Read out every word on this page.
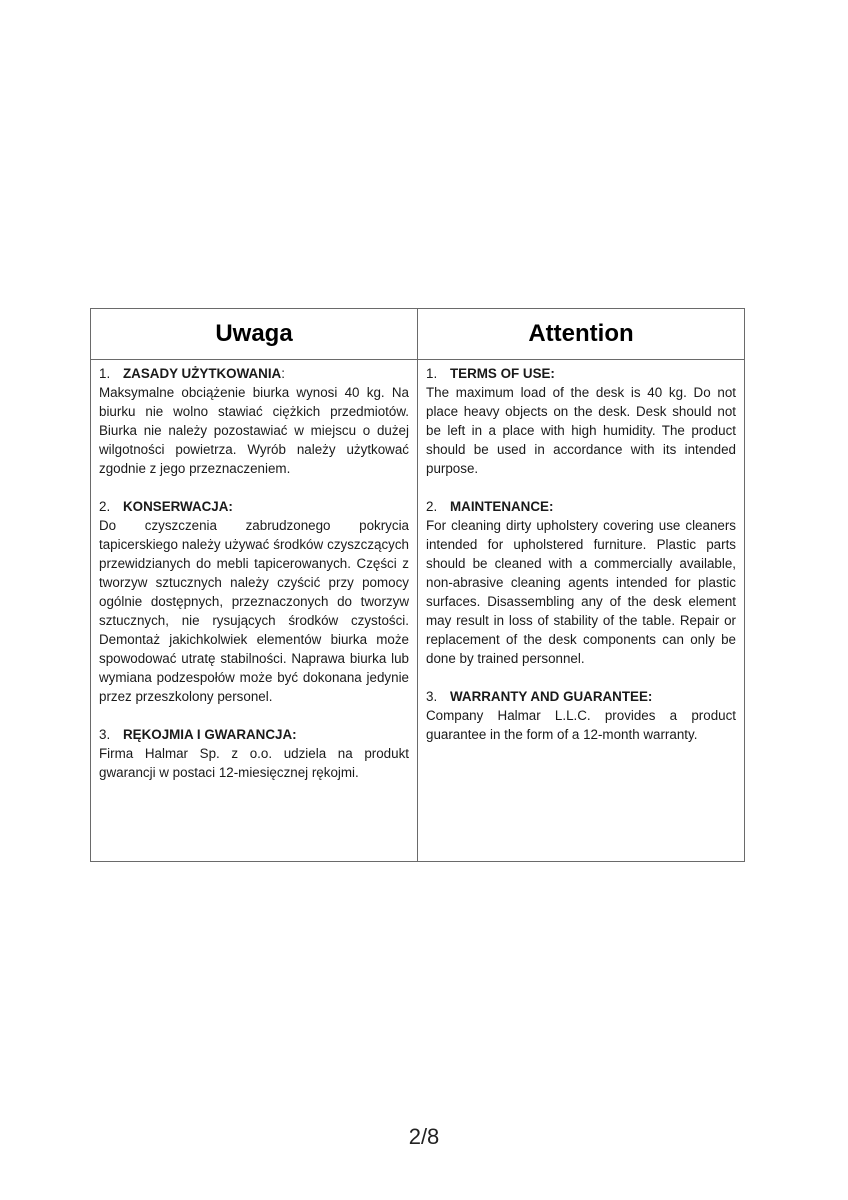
Uwaga	Attention
1. ZASADY UŻYTKOWANIA:
Maksymalne obciążenie biurka wynosi 40 kg. Na biurku nie wolno stawiać ciężkich przedmiotów. Biurka nie należy pozostawiać w miejscu o dużej wilgotności powietrza. Wyrób należy użytkować zgodnie z jego przeznaczeniem.
2. KONSERWACJA:
Do czyszczenia zabrudzonego pokrycia tapicerskiego należy używać środków czyszczących przewidzianych do mebli tapicerowanych. Części z tworzyw sztucznych należy czyścić przy pomocy ogólnie dostępnych, przeznaczonych do tworzyw sztucznych, nie rysujących środków czystości. Demontaż jakichkolwiek elementów biurka może spowodować utratę stabilności. Naprawa biurka lub wymiana podzespołów może być dokonana jedynie przez przeszkolony personel.
3. RĘKOJMIA I GWARANCJA:
Firma Halmar Sp. z o.o. udziela na produkt gwarancji w postaci 12-miesięcznej rękojmi.
1. TERMS OF USE:
The maximum load of the desk is 40 kg. Do not place heavy objects on the desk. Desk should not be left in a place with high humidity. The product should be used in accordance with its intended purpose.
2. MAINTENANCE:
For cleaning dirty upholstery covering use cleaners intended for upholstered furniture. Plastic parts should be cleaned with a commercially available, non-abrasive cleaning agents intended for plastic surfaces. Disassembling any of the desk element may result in loss of stability of the table. Repair or replacement of the desk components can only be done by trained personnel.
3. WARRANTY AND GUARANTEE:
Company Halmar L.L.C. provides a product guarantee in the form of a 12-month warranty.
2/8
